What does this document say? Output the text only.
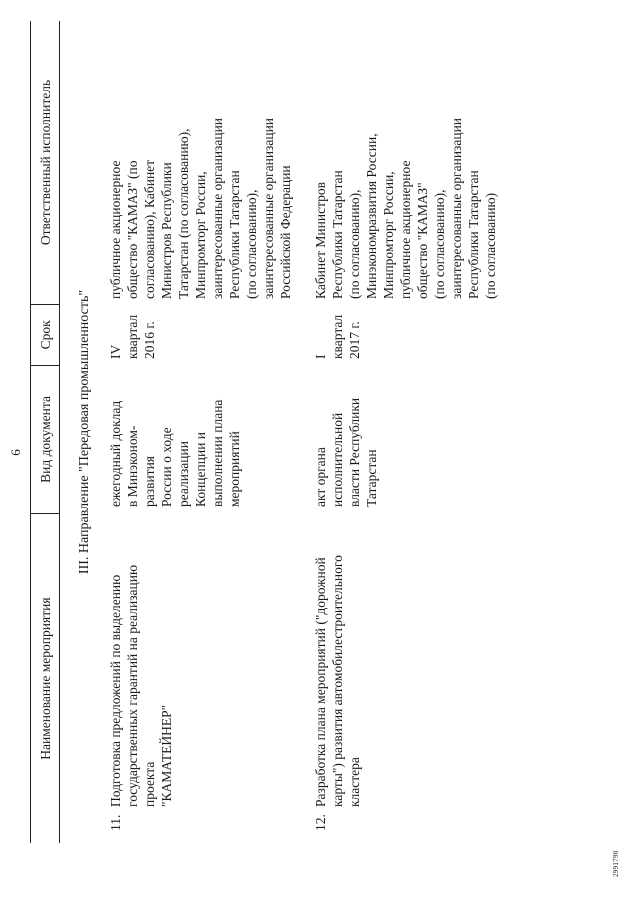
6
Наименование мероприятия
Вид документа
Срок
Ответственный исполнитель
III. Направление "Передовая промышленность"
11.
Подготовка предложений по выделению
государственных гарантий на реализацию проекта
"КАМАТЕЙНЕР"
ежегодный доклад
в Минэконом-
развития
России о ходе
реализации
Концепции и
выполнении плана
мероприятий
IV квартал
2016 г.
публичное акционерное
общество "КАМАЗ" (по
согласованию), Кабинет
Министров Республики
Татарстан (по согласованию),
Минпромторг России,
заинтересованные организации
Республики Татарстан
(по согласованию),
заинтересованные организации
Российской Федерации
12.
Разработка плана мероприятий ("дорожной
карты") развития автомобилестроительного
кластера
акт органа
исполнительной
власти Республики
Татарстан
I квартал
2017 г.
Кабинет Министров
Республики Татарстан
(по согласованию),
Минэкономразвития России,
Минпромторг России,
публичное акционерное
общество "КАМАЗ"
(по согласованию),
заинтересованные организации
Республики Татарстан
(по согласованию)
2991790
